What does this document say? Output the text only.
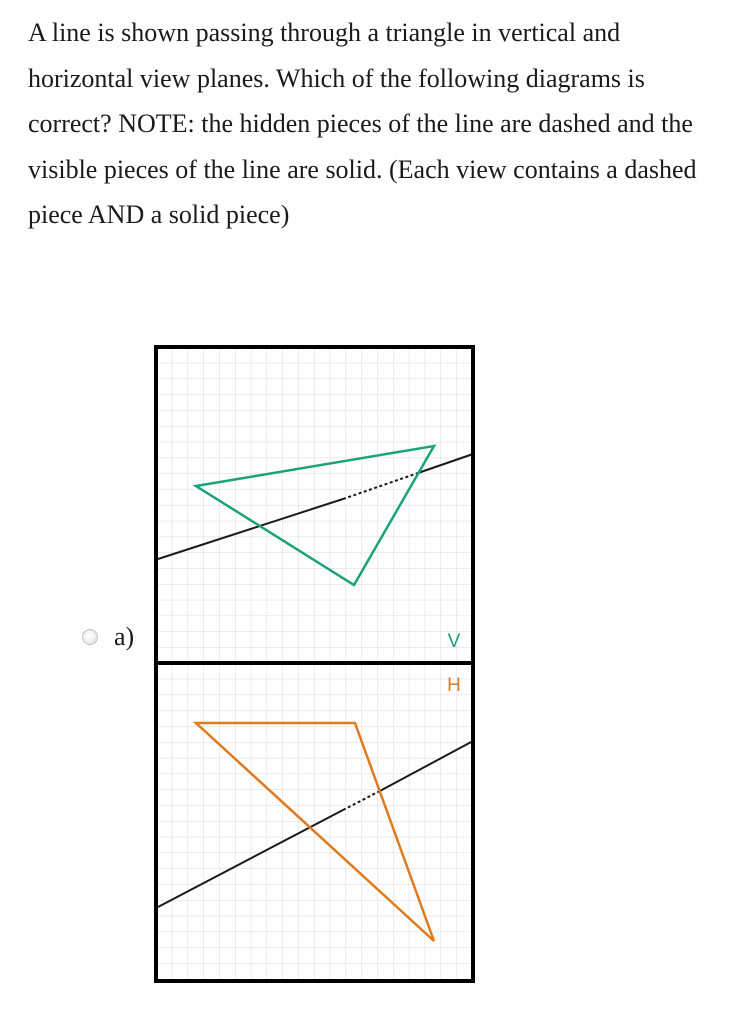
A line is shown passing through a triangle in vertical and horizontal view planes. Which of the following diagrams is correct? NOTE: the hidden pieces of the line are dashed and the visible pieces of the line are solid. (Each view contains a dashed piece AND a solid piece)

a)	V
H
